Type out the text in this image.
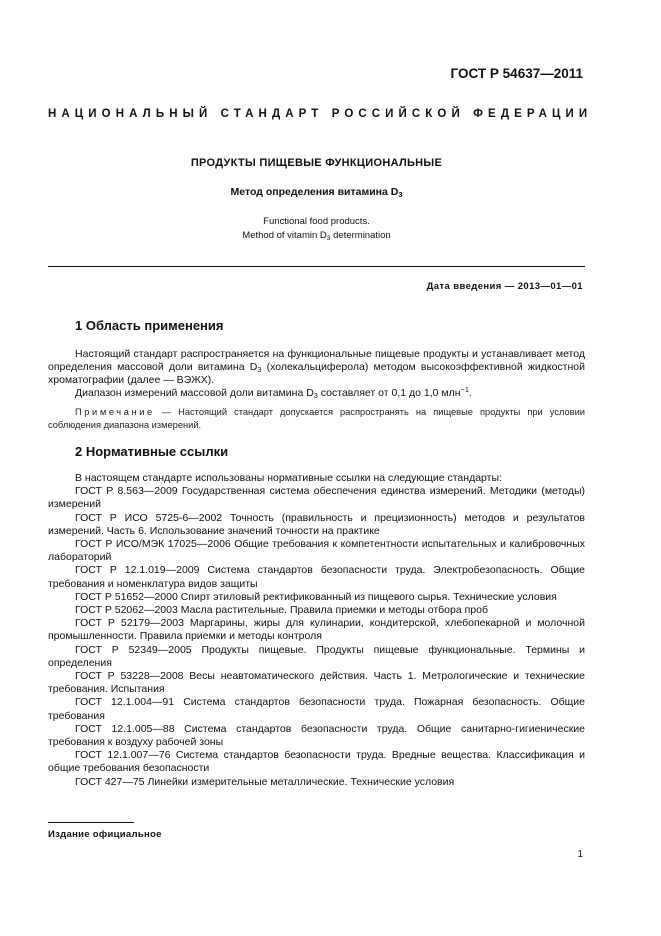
ГОСТ Р 54637—2011
НАЦИОНАЛЬНЫЙ СТАНДАРТ РОССИЙСКОЙ ФЕДЕРАЦИИ
ПРОДУКТЫ ПИЩЕВЫЕ ФУНКЦИОНАЛЬНЫЕ
Метод определения витамина $D_3$
Functional food products.
Method of vitamin $D_3$ determination
Дата введения — 2013—01—01
1 Область применения

Настоящий стандарт распространяется на функциональные пищевые продукты и устанавливает метод определения массовой доли витамина $D_3$ (холекальциферола) методом высокоэффективной жидкостной хроматографии (далее — ВЭЖХ).

Диапазон измерений массовой доли витамина $D_3$ составляет от 0,1 до 1,0 млн$^{-1}$.

Примечание — Настоящий стандарт допускается распространять на пищевые продукты при условии соблюдения диапазона измерений.

2 Нормативные ссылки
В настоящем стандарте использованы нормативные ссылки на следующие стандарты:
ГОСТ Р 8.563—2009 Государственная система обеспечения единства измерений. Методики (методы) измерений
ГОСТ Р ИСО 5725-6—2002 Точность (правильность и прецизионность) методов и результатов измерений. Часть 6. Использование значений точности на практике
ГОСТ Р ИСО/МЭК 17025—2006 Общие требования к компетентности испытательных и калибровочных лабораторий
ГОСТ Р 12.1.019—2009 Система стандартов безопасности труда. Электробезопасность. Общие требования и номенклатура видов защиты
ГОСТ Р 51652—2000 Спирт этиловый ректификованный из пищевого сырья. Технические условия
ГОСТ Р 52062—2003 Масла растительные. Правила приемки и методы отбора проб
ГОСТ Р 52179—2003 Маргарины, жиры для кулинарии, кондитерской, хлебопекарной и молочной промышленности. Правила приемки и методы контроля
ГОСТ Р 52349—2005 Продукты пищевые. Продукты пищевые функциональные. Термины и определения
ГОСТ Р 53228—2008 Весы неавтоматического действия. Часть 1. Метрологические и технические требования. Испытания
ГОСТ 12.1.004—91 Система стандартов безопасности труда. Пожарная безопасность. Общие требования
ГОСТ 12.1.005—88 Система стандартов безопасности труда. Общие санитарно-гигиенические требования к воздуху рабочей зоны
ГОСТ 12.1.007—76 Система стандартов безопасности труда. Вредные вещества. Классификация и общие требования безопасности
ГОСТ 427—75 Линейки измерительные металлические. Технические условия
Издание официальное
1
